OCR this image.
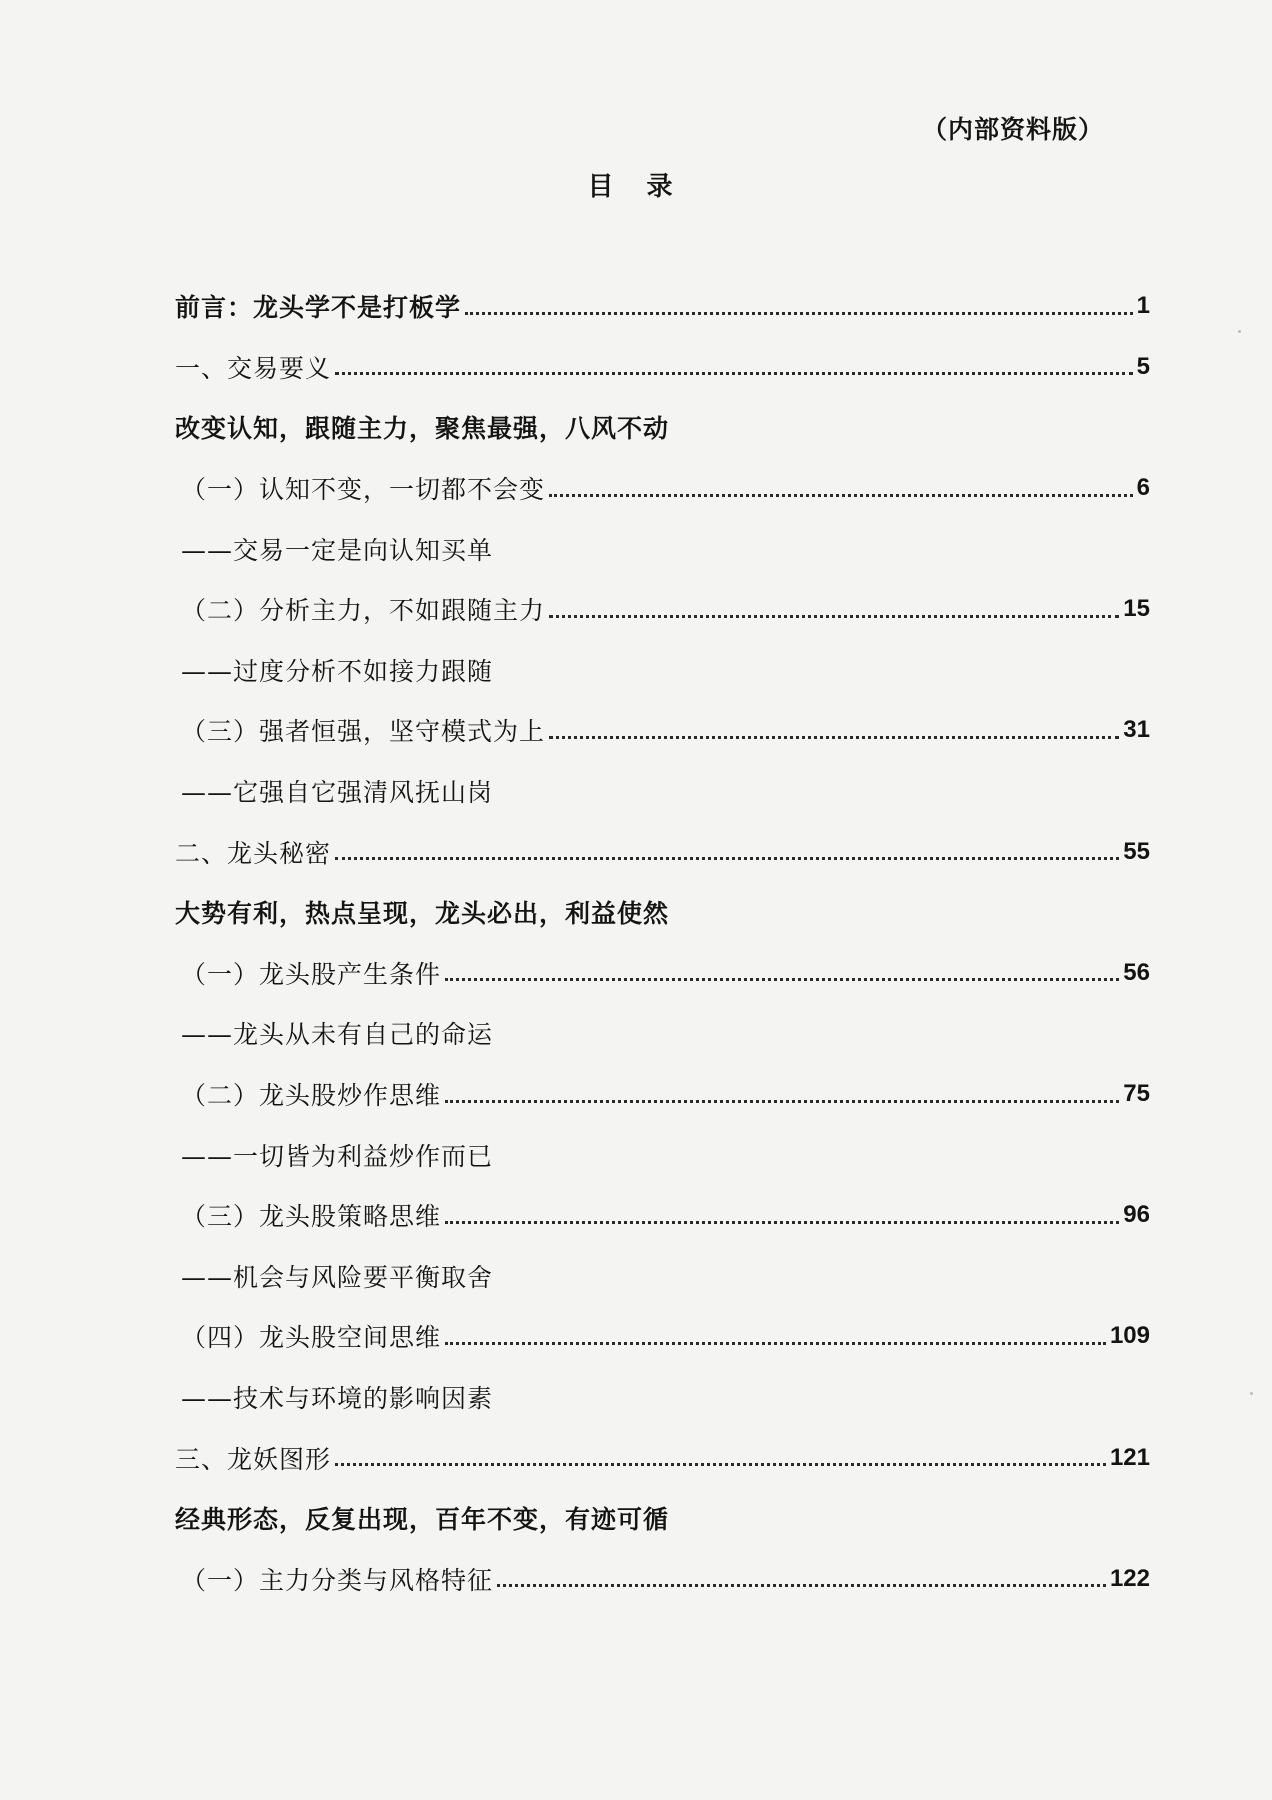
（内部资料版）
目 录
前言：龙头学不是打板学	1
一、交易要义	5
改变认知，跟随主力，聚焦最强，八风不动
（一）认知不变，一切都不会变	6
——交易一定是向认知买单
（二）分析主力，不如跟随主力	15
——过度分析不如接力跟随
（三）强者恒强，坚守模式为上	31
——它强自它强清风抚山岗
二、龙头秘密	55
大势有利，热点呈现，龙头必出，利益使然
（一）龙头股产生条件	56
——龙头从未有自己的命运
（二）龙头股炒作思维	75
——一切皆为利益炒作而已
（三）龙头股策略思维	96
——机会与风险要平衡取舍
（四）龙头股空间思维	109
——技术与环境的影响因素
三、龙妖图形	121
经典形态，反复出现，百年不变，有迹可循
（一）主力分类与风格特征	122
